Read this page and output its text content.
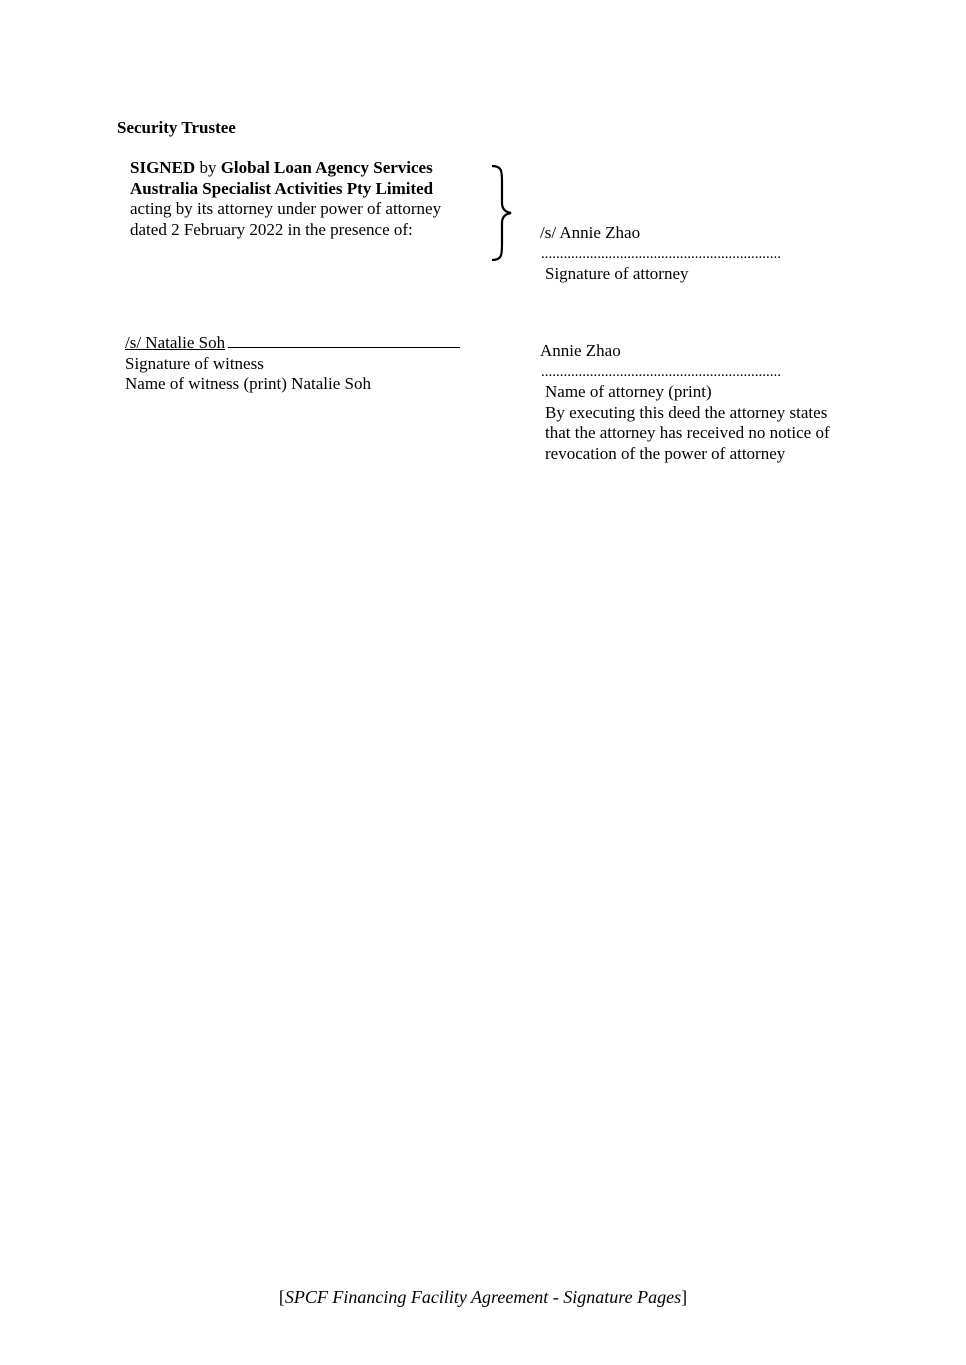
Security Trustee
SIGNED by Global Loan Agency Services
Australia Specialist Activities Pty Limited
acting by its attorney under power of attorney
dated 2 February 2022 in the presence of:	/s/ Annie Zhao
................................................................
Signature of attorney
/s/ Natalie Soh
Signature of witness
Name of witness (print) Natalie Soh
Annie Zhao
................................................................
Name of attorney (print)
By executing this deed the attorney states
that the attorney has received no notice of
revocation of the power of attorney
[SPCF Financing Facility Agreement - Signature Pages]
